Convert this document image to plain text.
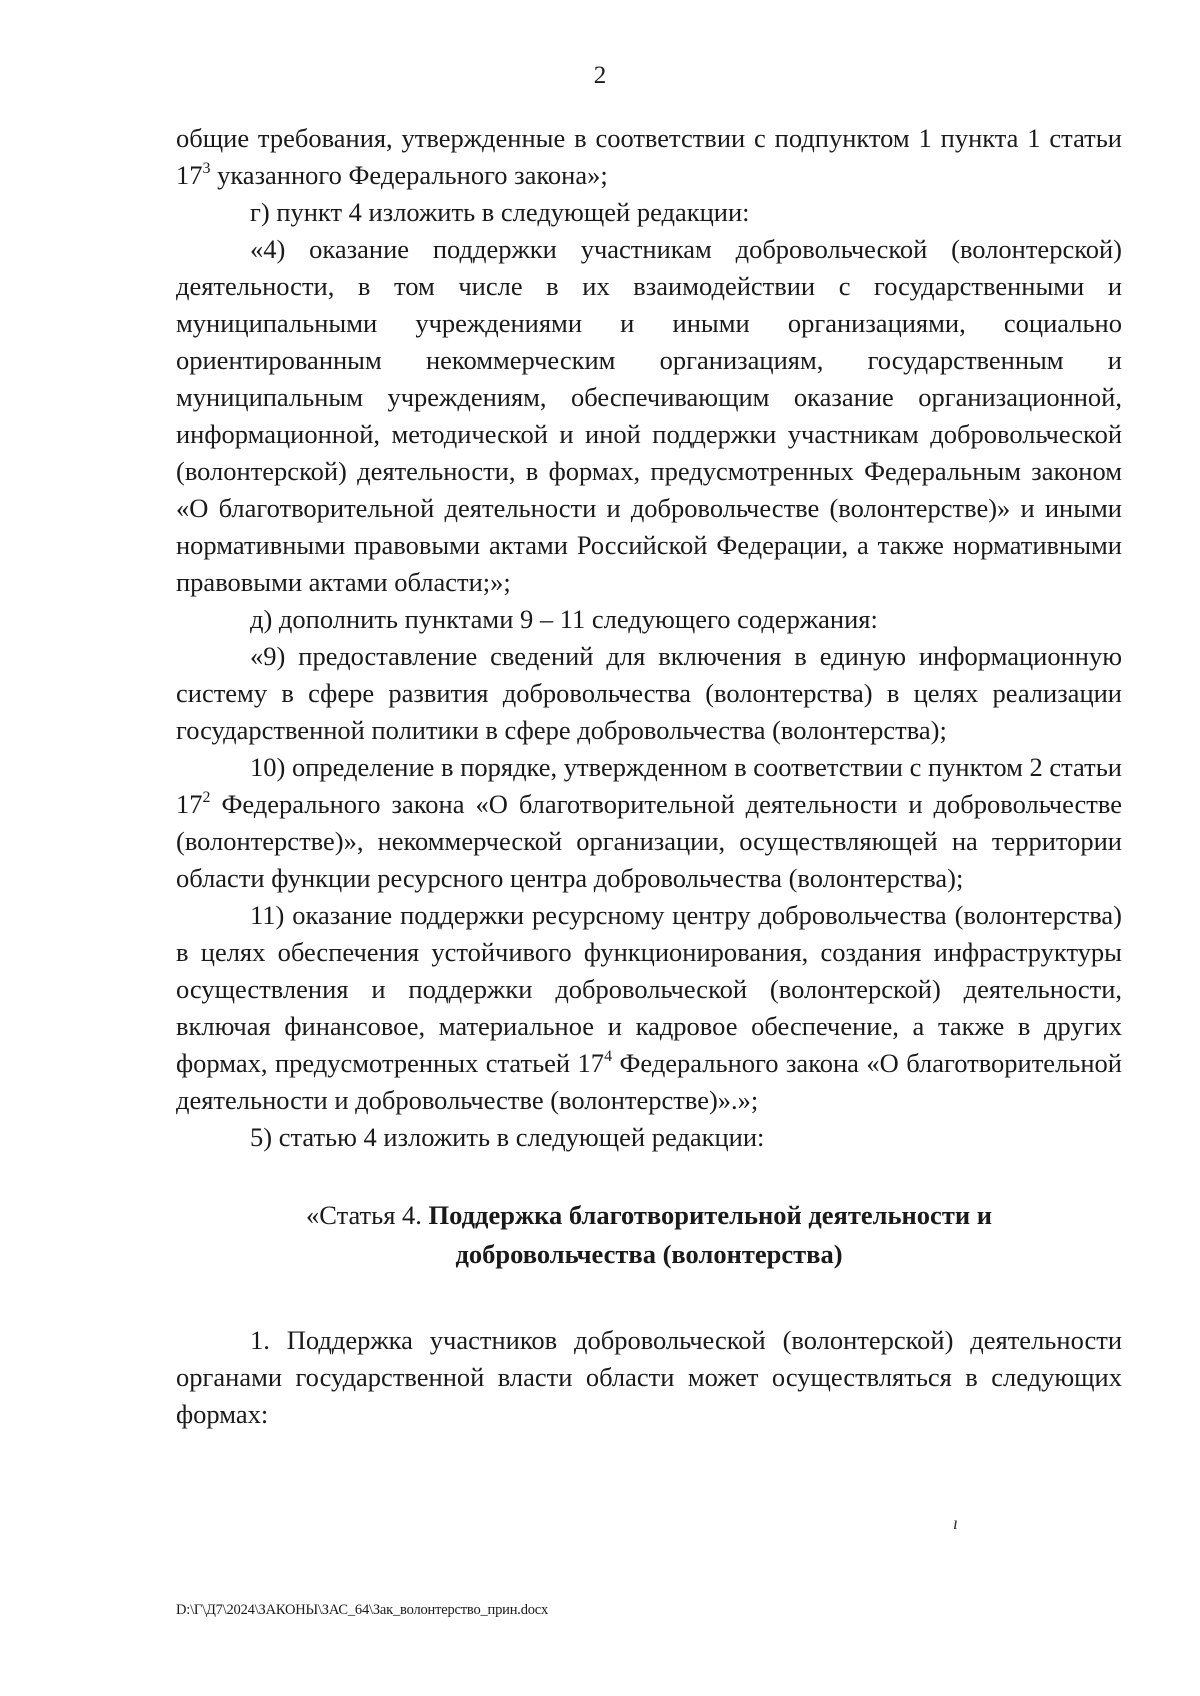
2

общие требования, утвержденные в соответствии с подпунктом 1 пункта 1 статьи $17^3$ указанного Федерального закона»;

г) пункт 4 изложить в следующей редакции:

«4) оказание поддержки участникам добровольческой (волонтерской) деятельности, в том числе в их взаимодействии с государственными и муниципальными учреждениями и иными организациями, социально ориентированным некоммерческим организациям, государственным и муниципальным учреждениям, обеспечивающим оказание организационной, информационной, методической и иной поддержки участникам добровольческой (волонтерской) деятельности, в формах, предусмотренных Федеральным законом «О благотворительной деятельности и добровольчестве (волонтерстве)» и иными нормативными правовыми актами Российской Федерации, а также нормативными правовыми актами области;»;

д) дополнить пунктами 9 – 11 следующего содержания:

«9) предоставление сведений для включения в единую информационную систему в сфере развития добровольчества (волонтерства) в целях реализации государственной политики в сфере добровольчества (волонтерства);

10) определение в порядке, утвержденном в соответствии с пунктом 2 статьи $17^2$ Федерального закона «О благотворительной деятельности и добровольчестве (волонтерстве)», некоммерческой организации, осуществляющей на территории области функции ресурсного центра добровольчества (волонтерства);

11) оказание поддержки ресурсному центру добровольчества (волонтерства) в целях обеспечения устойчивого функционирования, создания инфраструктуры осуществления и поддержки добровольческой (волонтерской) деятельности, включая финансовое, материальное и кадровое обеспечение, а также в других формах, предусмотренных статьей $17^4$ Федерального закона «О благотворительной деятельности и добровольчестве (волонтерстве)».»;

5) статью 4 изложить в следующей редакции:

«Статья 4. Поддержка благотворительной деятельности и
добровольчества (волонтерства)

1. Поддержка участников добровольческой (волонтерской) деятельности органами государственной власти области может осуществляться в следующих формах:

ı
D:\Г\Д7\2024\ЗАКОНЫ\ЗАС_64\Зак_волонтерство_прин.docx
